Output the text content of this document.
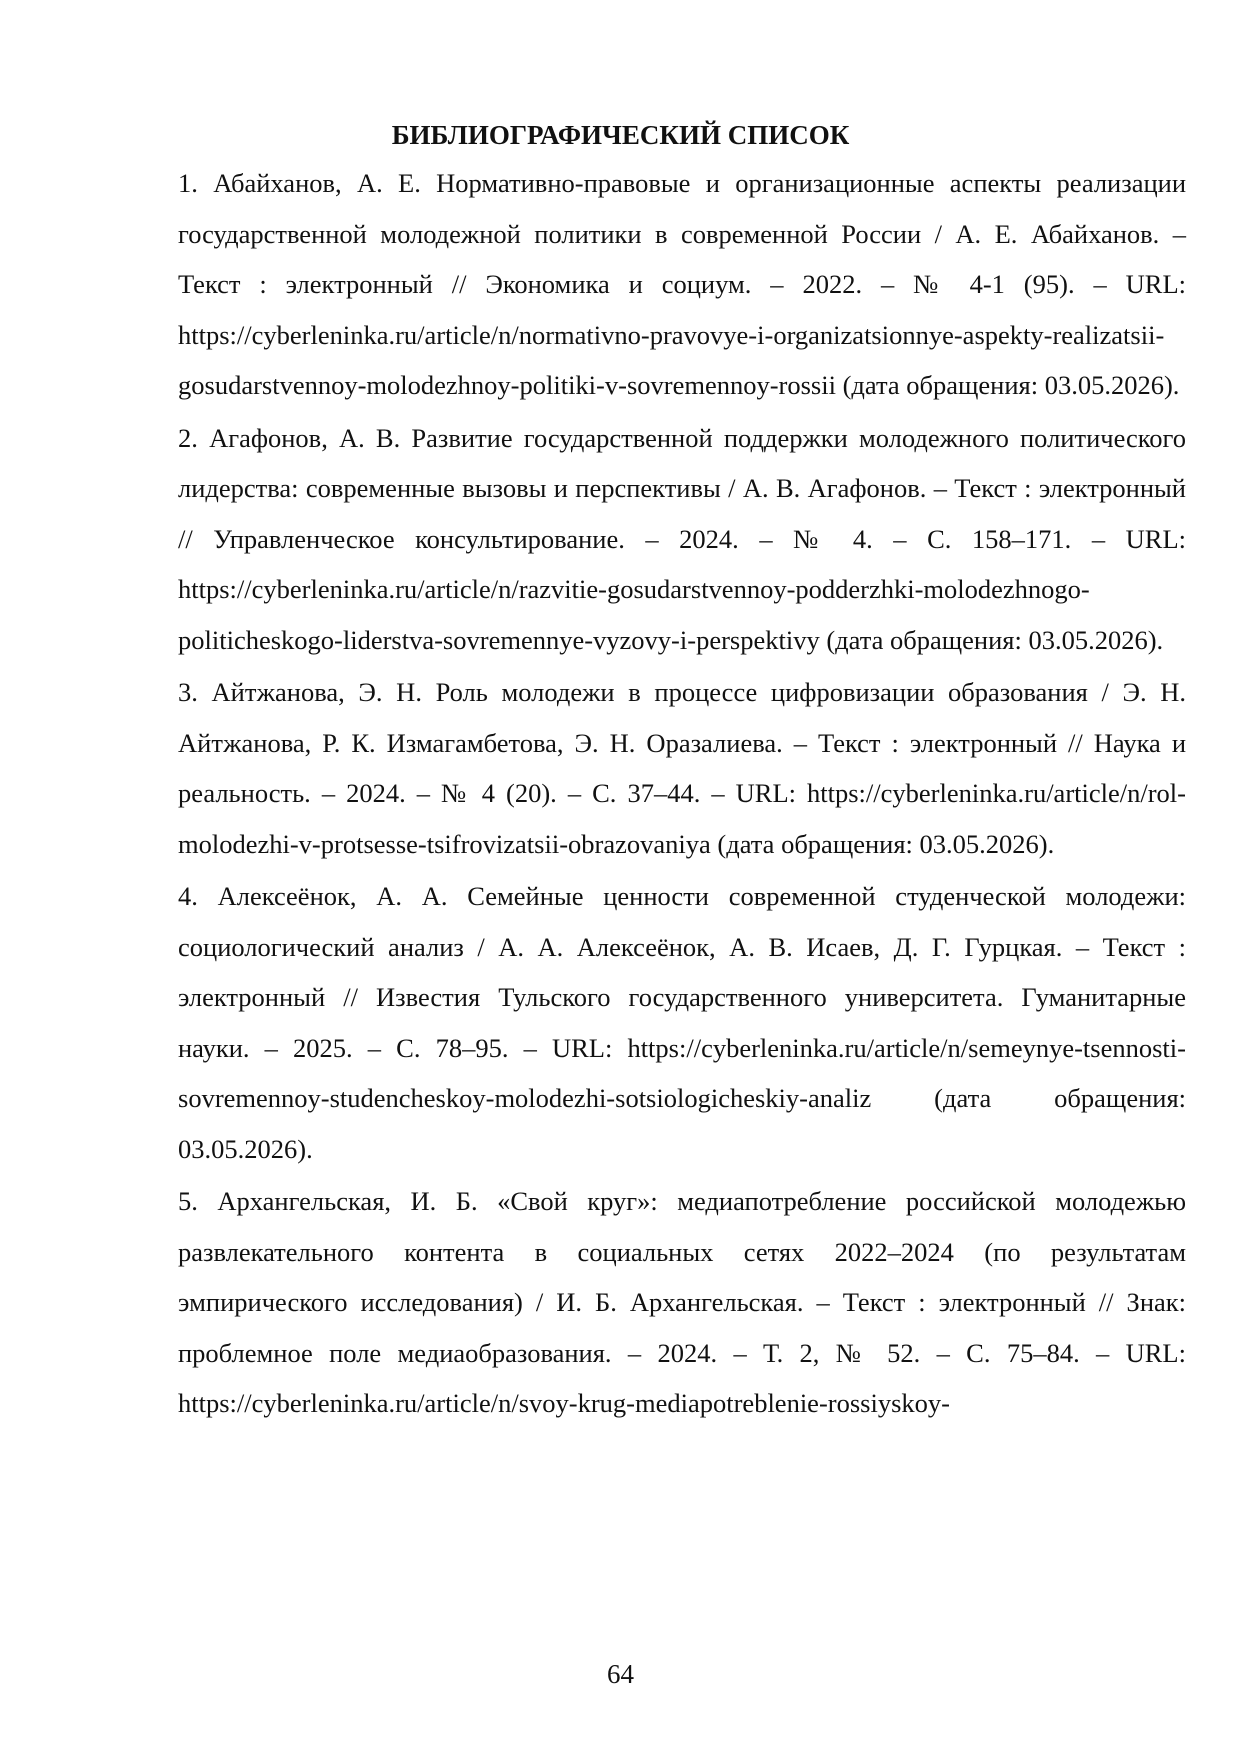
БИБЛИОГРАФИЧЕСКИЙ СПИСОК
1. Абайханов, А. Е. Нормативно-правовые и организационные аспекты реализации государственной молодежной политики в современной России / А. Е. Абайханов. – Текст : электронный // Экономика и социум. – 2022. – № 4-1 (95). – URL: https://cyberleninka.ru/article/n/normativno-pravovye-i-organizatsionnye-aspekty-realizatsii-gosudarstvennoy-molodezhnoy-politiki-v-sovremennoy-rossii (дата обращения: 03.05.2026).
2. Агафонов, А. В. Развитие государственной поддержки молодежного политического лидерства: современные вызовы и перспективы / А. В. Агафонов. – Текст : электронный // Управленческое консультирование. – 2024. – № 4. – С. 158–171. – URL: https://cyberleninka.ru/article/n/razvitie-gosudarstvennoy-podderzhki-molodezhnogo-politicheskogo-liderstva-sovremennye-vyzovy-i-perspektivy (дата обращения: 03.05.2026).
3. Айтжанова, Э. Н. Роль молодежи в процессе цифровизации образования / Э. Н. Айтжанова, Р. К. Измагамбетова, Э. Н. Оразалиева. – Текст : электронный // Наука и реальность. – 2024. – № 4 (20). – С. 37–44. – URL: https://cyberleninka.ru/article/n/rol-molodezhi-v-protsesse-tsifrovizatsii-obrazovaniya (дата обращения: 03.05.2026).
4. Алексеёнок, А. А. Семейные ценности современной студенческой молодежи: социологический анализ / А. А. Алексеёнок, А. В. Исаев, Д. Г. Гурцкая. – Текст : электронный // Известия Тульского государственного университета. Гуманитарные науки. – 2025. – С. 78–95. – URL: https://cyberleninka.ru/article/n/semeynye-tsennosti-sovremennoy-studencheskoy-molodezhi-sotsiologicheskiy-analiz (дата обращения: 03.05.2026).
5. Архангельская, И. Б. «Свой круг»: медиапотребление российской молодежью развлекательного контента в социальных сетях 2022–2024 (по результатам эмпирического исследования) / И. Б. Архангельская. – Текст : электронный // Знак: проблемное поле медиаобразования. – 2024. – Т. 2, № 52. – С. 75–84. – URL: https://cyberleninka.ru/article/n/svoy-krug-mediapotreblenie-rossiyskoy-
64
